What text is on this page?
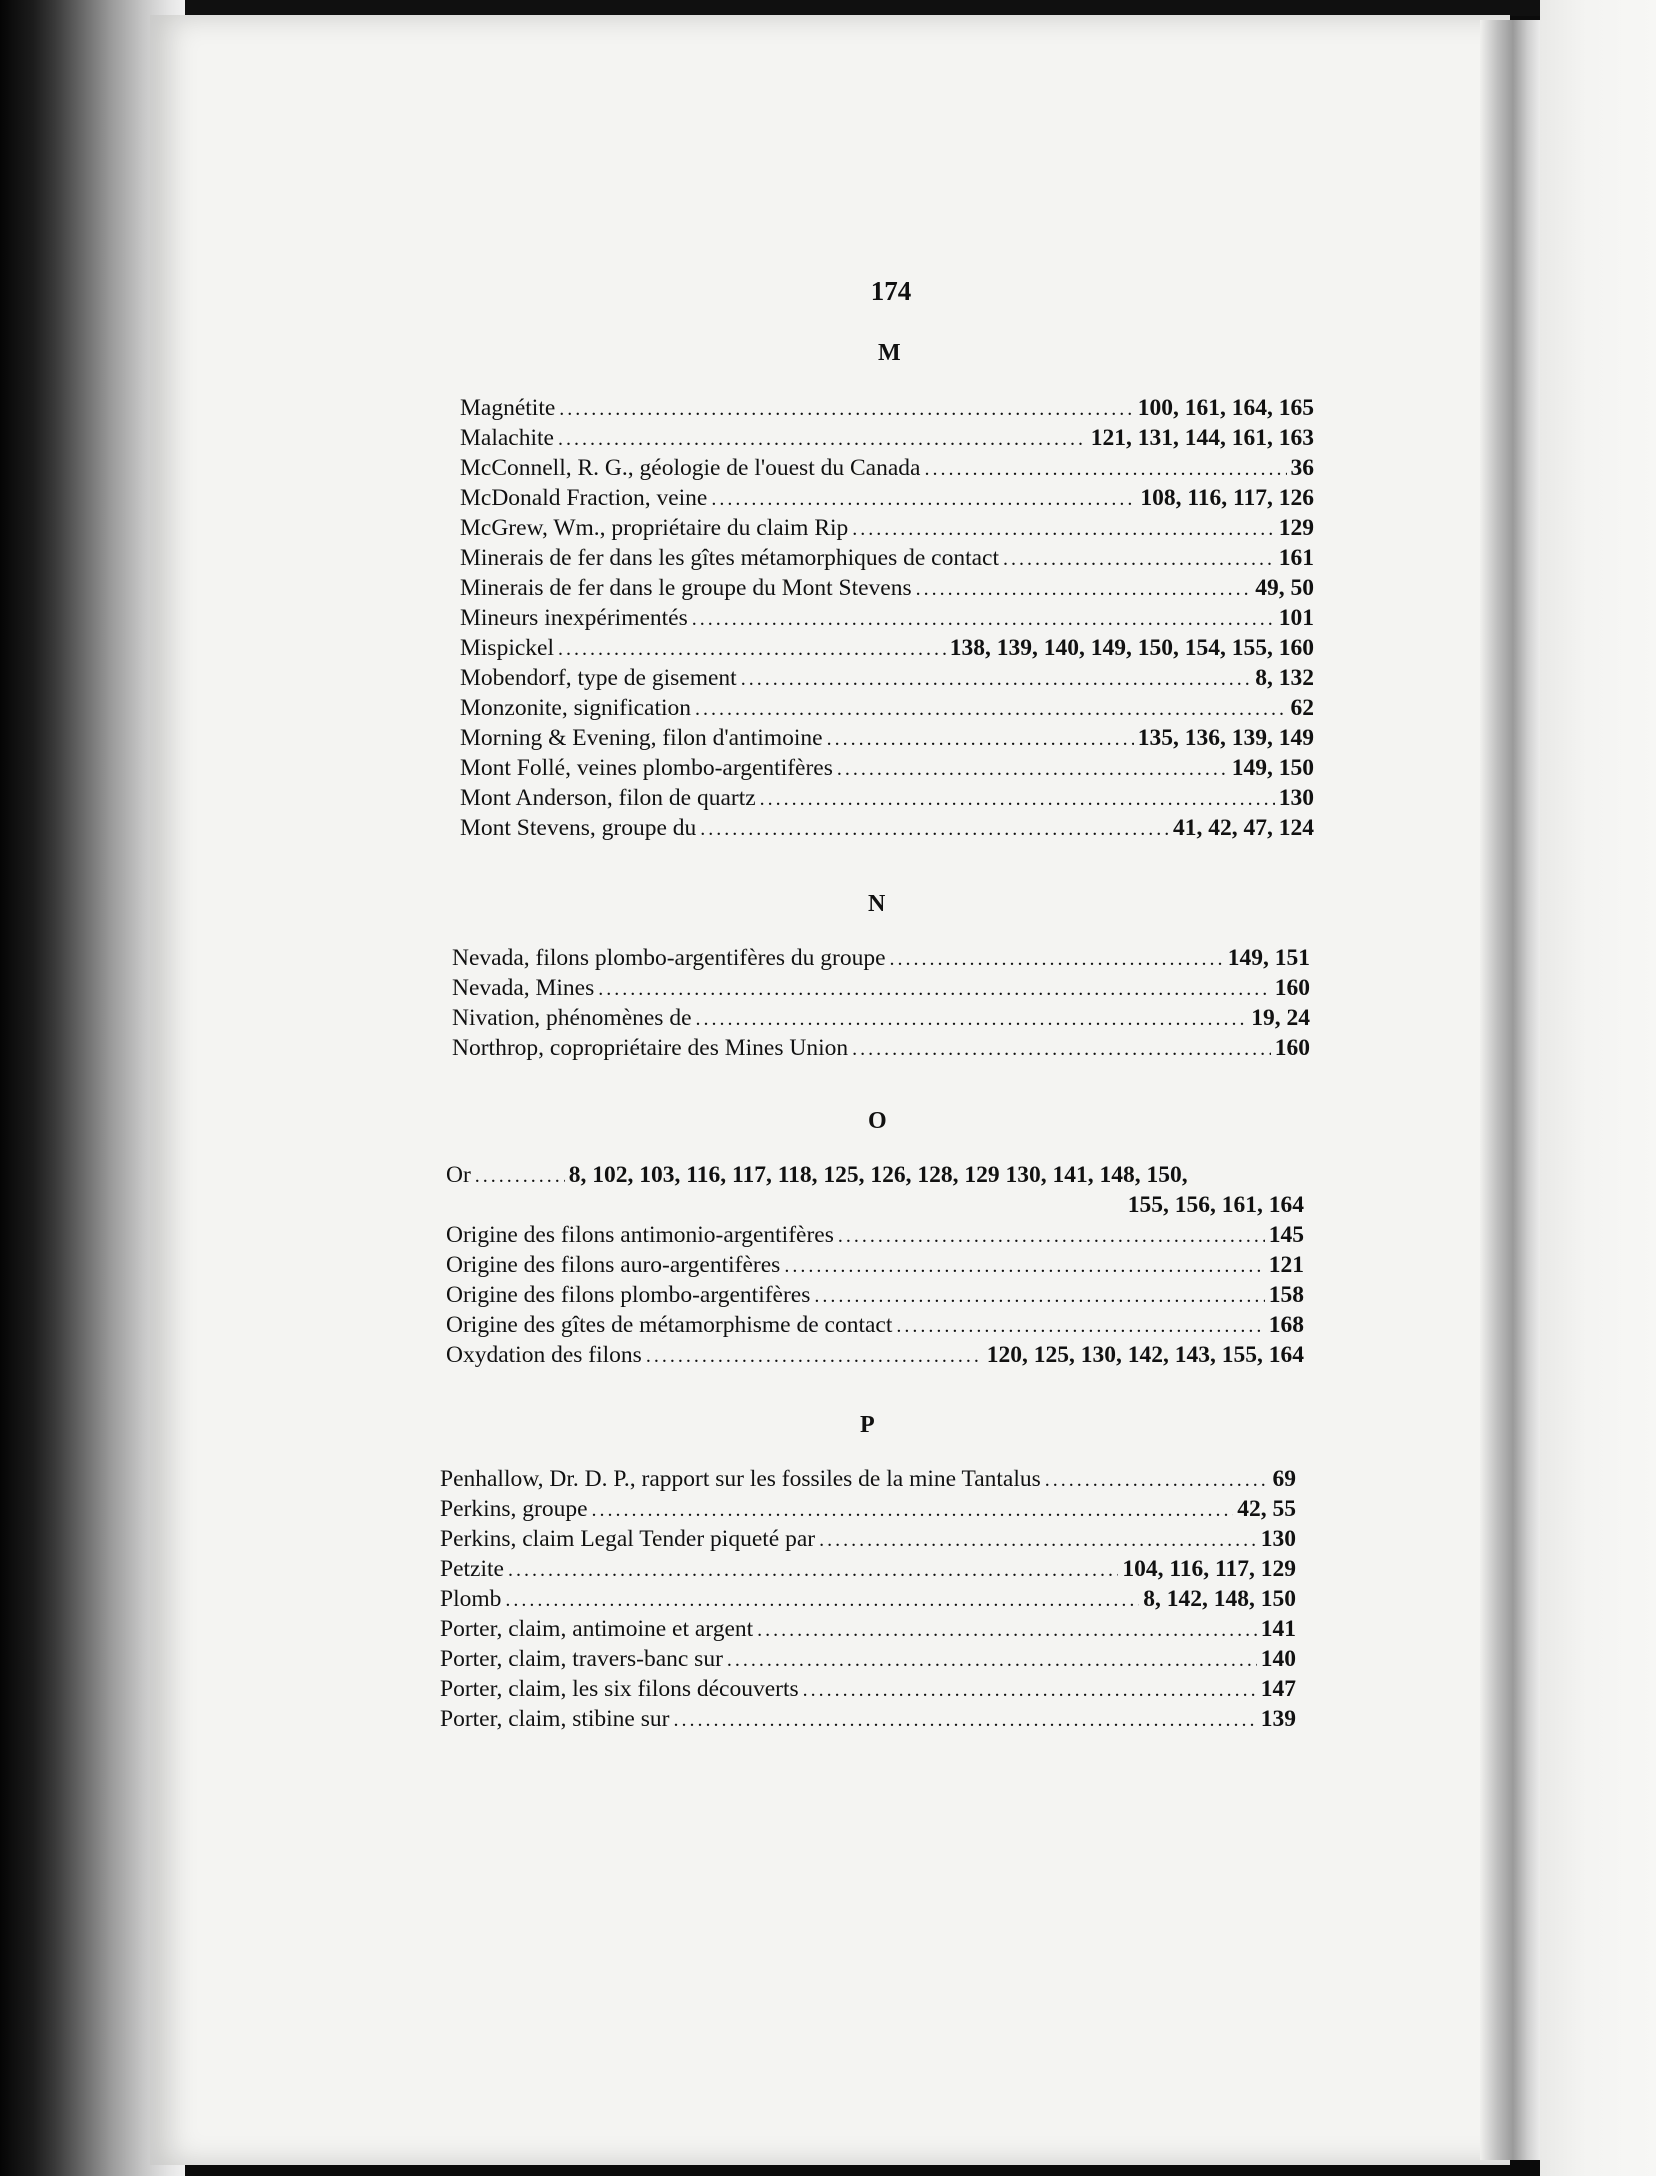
174
M
Magnétite .....	100, 161, 164, 165
Malachite .....	121, 131, 144, 161, 163
McConnell, R. G., géologie de l'ouest du Canada .....	36
McDonald Fraction, veine .....	108, 116, 117, 126
McGrew, Wm., propriétaire du claim Rip .....	129
Minerais de fer dans les gîtes métamorphiques de contact .....	161
Minerais de fer dans le groupe du Mont Stevens .....	49, 50
Mineurs inexpérimentés .....	101
Mispickel .....	138, 139, 140, 149, 150, 154, 155, 160
Mobendorf, type de gisement .....	8, 132
Monzonite, signification .....	62
Morning & Evening, filon d'antimoine .....	135, 136, 139, 149
Mont Follé, veines plombo-argentifères .....	149, 150
Mont Anderson, filon de quartz .....	130
Mont Stevens, groupe du .....	41, 42, 47, 124
N
Nevada, filons plombo-argentifères du groupe .....	149, 151
Nevada, Mines .....	160
Nivation, phénomènes de .....	19, 24
Northrop, copropriétaire des Mines Union .....	160
O
Or .....	8, 102, 103, 116, 117, 118, 125, 126, 128, 129 130, 141, 148, 150,
155, 156, 161, 164
Origine des filons antimonio-argentifères .....	145
Origine des filons auro-argentifères .....	121
Origine des filons plombo-argentifères .....	158
Origine des gîtes de métamorphisme de contact .....	168
Oxydation des filons .....	120, 125, 130, 142, 143, 155, 164
P
Penhallow, Dr. D. P., rapport sur les fossiles de la mine Tantalus .....	69
Perkins, groupe .....	42, 55
Perkins, claim Legal Tender piqueté par .....	130
Petzite .....	104, 116, 117, 129
Plomb .....	8, 142, 148, 150
Porter, claim, antimoine et argent .....	141
Porter, claim, travers-banc sur .....	140
Porter, claim, les six filons découverts .....	147
Porter, claim, stibine sur .....	139
